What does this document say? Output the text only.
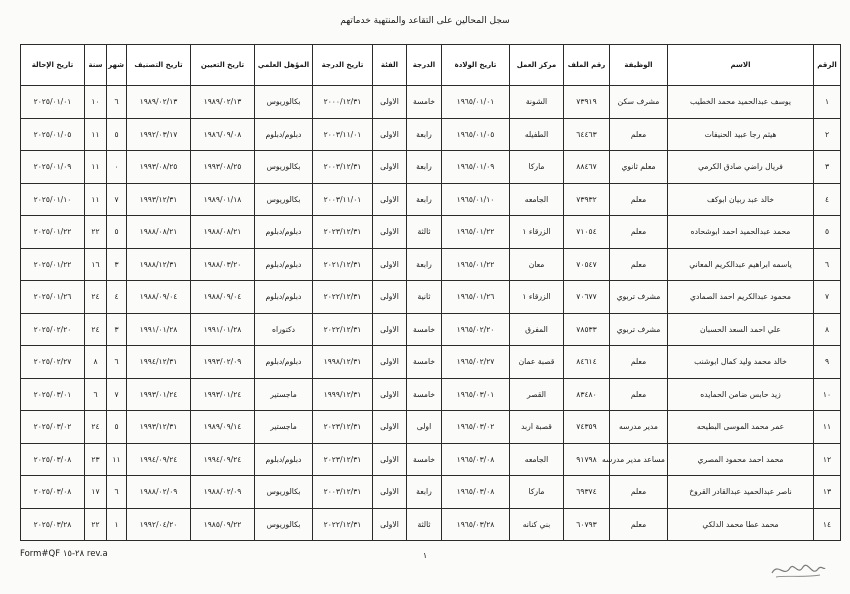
سجل المحالين على التقاعد والمنتهية خدماتهم
الرقم	الاسم	الوظيفة	رقم الملف	مركز العمل	تاريخ الولادة	الدرجة	الفئة	تاريخ الدرجة	المؤهل العلمي	تاريخ التعيين	تاريخ التصنيف	شهر	سنة	تاريخ الإحالة
١	يوسف عبدالحميد محمد الخطيب	مشرف سكن	٧٣٩١٩	الشونة	١٩٦٥/٠١/٠١	خامسة	الاولى	٢٠٠٠/١٢/٣١	بكالوريوس	١٩٨٩/٠٢/١٣	١٩٨٩/٠٢/١٣	٦	١٠	٢٠٢٥/٠١/٠١
٢	هيثم رجا عبيد الحنيفات	معلم	٦٤٤٦٣	الطفيله	١٩٦٥/٠١/٠٥	رابعة	الاولى	٢٠٠٣/١١/٠١	دبلوم/دبلوم	١٩٨٦/٠٩/٠٨	١٩٩٢/٠٣/١٧	٥	١١	٢٠٢٥/٠١/٠٥
٣	فريال راضي صادق الكرمي	معلم ثانوي	٨٨٤٦٧	ماركا	١٩٦٥/٠١/٠٩	رابعة	الاولى	٢٠٠٣/١٢/٣١	بكالوريوس	١٩٩٣/٠٨/٢٥	١٩٩٣/٠٨/٢٥	٠	١١	٢٠٢٥/٠١/٠٩
٤	خالد عبد ربيان ابوكف	معلم	٧٣٩٣٢	الجامعه	١٩٦٥/٠١/١٠	رابعة	الاولى	٢٠٠٣/١١/٠١	بكالوريوس	١٩٨٩/٠١/١٨	١٩٩٣/١٢/٣١	٧	١١	٢٠٢٥/٠١/١٠
٥	محمد عبدالحميد احمد ابوشحاده	معلم	٧١٠٥٤	الزرقاء ١	١٩٦٥/٠١/٢٢	ثالثة	الاولى	٢٠٢٣/١٢/٣١	دبلوم/دبلوم	١٩٨٨/٠٨/٢١	١٩٨٨/٠٨/٢١	٥	٢٢	٢٠٢٥/٠١/٢٢
٦	ياسمه ابراهيم عبدالكريم المعاني	معلم	٧٠٥٤٧	معان	١٩٦٥/٠١/٢٢	رابعة	الاولى	٢٠٢١/١٢/٣١	دبلوم/دبلوم	١٩٨٨/٠٣/٢٠	١٩٨٨/١٢/٣١	٣	١٦	٢٠٢٥/٠١/٢٢
٧	محمود عبدالكريم احمد الصمادي	مشرف تربوي	٧٠٦٧٧	الزرقاء ١	١٩٦٥/٠١/٢٦	ثانية	الاولى	٢٠٢٢/١٢/٣١	دبلوم/دبلوم	١٩٨٨/٠٩/٠٤	١٩٨٨/٠٩/٠٤	٤	٢٤	٢٠٢٥/٠١/٢٦
٨	علي احمد السعد الحسبان	مشرف تربوي	٧٨٥٣٣	المفرق	١٩٦٥/٠٢/٢٠	خامسة	الاولى	٢٠٢٢/١٢/٣١	دكتوراه	١٩٩١/٠١/٢٨	١٩٩١/٠١/٢٨	٣	٢٤	٢٠٢٥/٠٢/٢٠
٩	خالد محمد وليد كمال ابوشنب	معلم	٨٤٦١٤	قصبة عمان	١٩٦٥/٠٢/٢٧	خامسة	الاولى	١٩٩٨/١٢/٣١	دبلوم/دبلوم	١٩٩٣/٠٢/٠٩	١٩٩٤/١٢/٣١	٦	٨	٢٠٢٥/٠٢/٢٧
١٠	زيد حابس ضامن الحمايده	معلم	٨٣٤٨٠	القصر	١٩٦٥/٠٣/٠١	خامسة	الاولى	١٩٩٩/١٢/٣١	ماجستير	١٩٩٣/٠١/٢٤	١٩٩٣/٠١/٢٤	٧	٦	٢٠٢٥/٠٣/٠١
١١	عمر محمد الموسى البطيحه	مدير مدرسه	٧٤٣٥٩	قصبة اربد	١٩٦٥/٠٣/٠٢	اولى	الاولى	٢٠٢٣/١٢/٣١	ماجستير	١٩٨٩/٠٩/١٤	١٩٩٣/١٢/٣١	٥	٢٤	٢٠٢٥/٠٣/٠٢
١٢	محمد احمد محمود المصري	مساعد مدير مدرسه	٩١٧٩٨	الجامعه	١٩٦٥/٠٣/٠٨	خامسة	الاولى	٢٠٢٣/١٢/٣١	دبلوم/دبلوم	١٩٩٤/٠٩/٢٤	١٩٩٤/٠٩/٢٤	١١	٢٣	٢٠٢٥/٠٣/٠٨
١٣	ناصر عبدالحميد عبدالقادر القروخ	معلم	٦٩٣٧٤	ماركا	١٩٦٥/٠٣/٠٨	رابعة	الاولى	٢٠٠٣/١٢/٣١	بكالوريوس	١٩٨٨/٠٢/٠٩	١٩٨٨/٠٢/٠٩	٦	١٧	٢٠٢٥/٠٣/٠٨
١٤	محمد عطا محمد الدلكي	معلم	٦٠٧٩٣	بني كنانه	١٩٦٥/٠٣/٢٨	ثالثة	الاولى	٢٠٢٢/١٢/٣١	بكالوريوس	١٩٨٥/٠٩/٢٢	١٩٩٢/٠٤/٢٠	١	٢٢	٢٠٢٥/٠٣/٢٨
Form#QF ٢٨-١٥ rev.a	١
